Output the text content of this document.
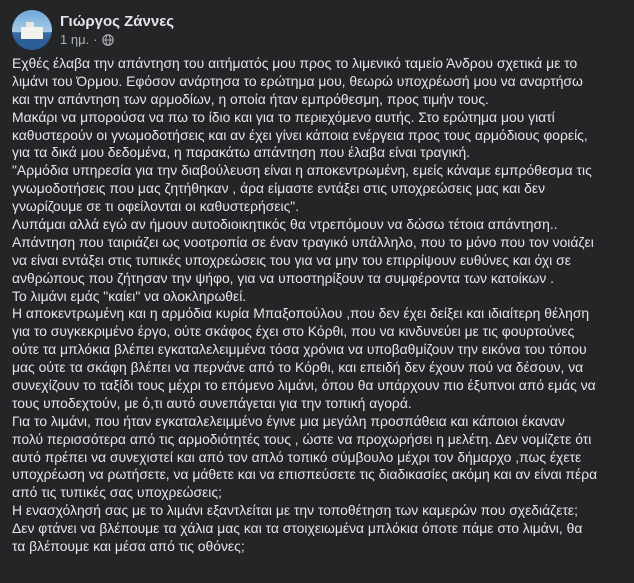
Γιώργος Ζάννες
1 ημ. ·
Εχθές έλαβα την απάντηση του αιτήματός μου προς το λιμενικό ταμείο Άνδρου σχετικά με το
λιμάνι του Όρμου. Εφόσον ανάρτησα το ερώτημα μου, θεωρώ υποχρέωσή μου να αναρτήσω
και την απάντηση των αρμοδίων, η οποία ήταν εμπρόθεσμη, προς τιμήν τους.
Μακάρι να μπορούσα να πω το ίδιο και για το περιεχόμενο αυτής. Στο ερώτημα μου γιατί
καθυστερούν οι γνωμοδοτήσεις και αν έχει γίνει κάποια ενέργεια προς τους αρμόδιους φορείς,
για τα δικά μου δεδομένα, η παρακάτω απάντηση που έλαβα είναι τραγική.
"Αρμόδια υπηρεσία για την διαβούλευση είναι η αποκεντρωμένη, εμείς κάναμε εμπρόθεσμα τις
γνωμοδοτήσεις που μας ζητήθηκαν , άρα είμαστε εντάξει στις υποχρεώσεις μας και δεν
γνωρίζουμε σε τι οφείλονται οι καθυστερήσεις".
Λυπάμαι αλλά εγώ αν ήμουν αυτοδιοικητικός θα ντρεπόμουν να δώσω τέτοια απάντηση..
Απάντηση που ταιριάζει ως νοοτροπία σε έναν τραγικό υπάλληλο, που το μόνο που τον νοιάζει
να είναι εντάξει στις τυπικές υποχρεώσεις του για να μην του επιρρίψουν ευθύνες και όχι σε
ανθρώπους που ζήτησαν την ψήφο, για να υποστηρίξουν τα συμφέροντα των κατοίκων .
Το λιμάνι εμάς "καίει" να ολοκληρωθεί.
Η αποκεντρωμένη και η αρμόδια κυρία Μπαξοπούλου ,που δεν έχει δείξει και ιδιαίτερη θέληση
για το συγκεκριμένο έργο, ούτε σκάφος έχει στο Κόρθι, που να κινδυνεύει με τις φουρτούνες
ούτε τα μπλόκια βλέπει εγκαταλελειμμένα τόσα χρόνια να υποβαθμίζουν την εικόνα του τόπου
μας ούτε τα σκάφη βλέπει να περνάνε από το Κόρθι, και επειδή δεν έχουν πού να δέσουν, να
συνεχίζουν το ταξίδι τους μέχρι το επόμενο λιμάνι, όπου θα υπάρχουν πιο έξυπνοι από εμάς να
τους υποδεχτούν, με ό,τι αυτό συνεπάγεται για την τοπική αγορά.
Για το λιμάνι, που ήταν εγκαταλελειμμένο έγινε μια μεγάλη προσπάθεια και κάποιοι έκαναν
πολύ περισσότερα από τις αρμοδιότητές τους , ώστε να προχωρήσει η μελέτη. Δεν νομίζετε ότι
αυτό πρέπει να συνεχιστεί και από τον απλό τοπικό σύμβουλο μέχρι τον δήμαρχο ,πως έχετε
υποχρέωση να ρωτήσετε, να μάθετε και να επισπεύσετε τις διαδικασίες ακόμη και αν είναι πέρα
από τις τυπικές σας υποχρεώσεις;
Η ενασχόλησή σας με το λιμάνι εξαντλείται με την τοποθέτηση των καμερών που σχεδιάζετε;
Δεν φτάνει να βλέπουμε τα χάλια μας και τα στοιχειωμένα μπλόκια όποτε πάμε στο λιμάνι, θα
τα βλέπουμε και μέσα από τις οθόνες;
